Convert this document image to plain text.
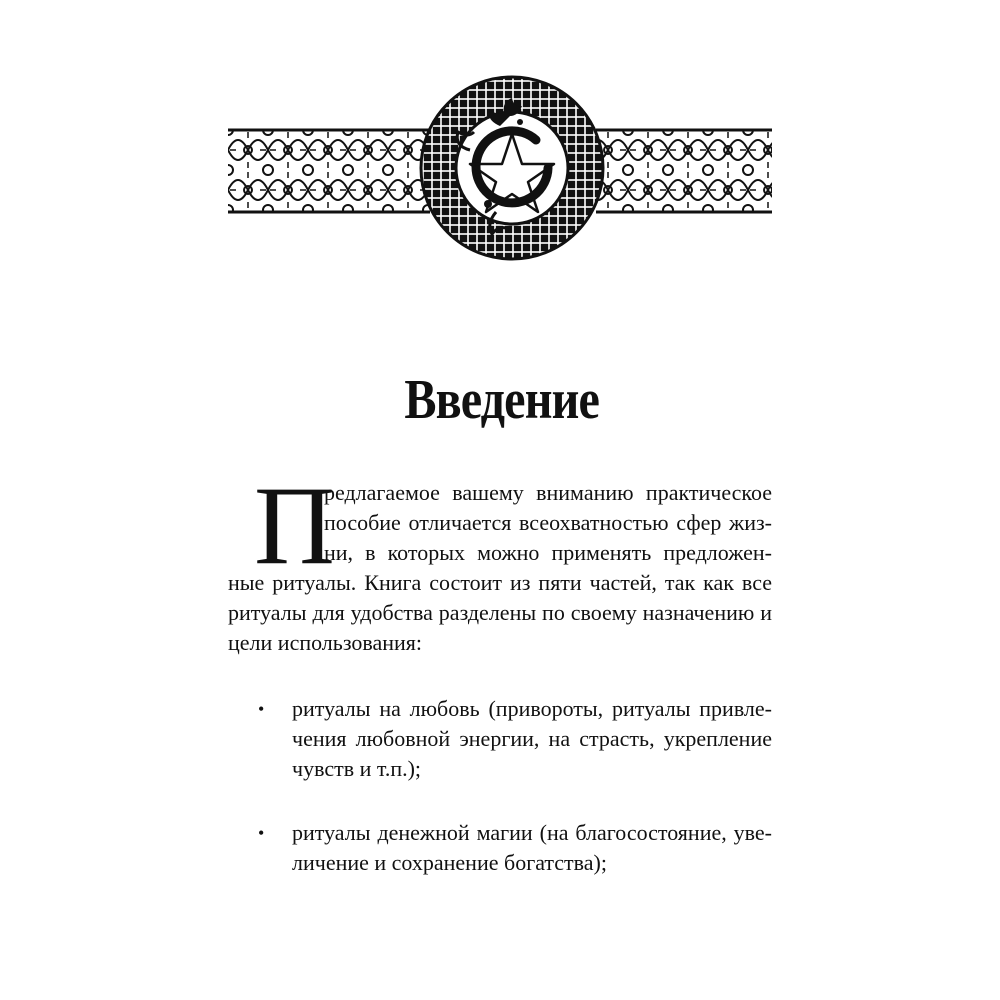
Введение
П
редлагаемое вашему вниманию практическое
пособие отличается всеохватностью сфер жиз-
ни, в которых можно применять предложен-
ные ритуалы. Книга состоит из пяти частей, так как все
ритуалы для удобства разделены по своему назначению и
цели использования:
• ритуалы на любовь (привороты, ритуалы привле-
чения любовной энергии, на страсть, укрепление
чувств и т.п.);
• ритуалы денежной магии (на благосостояние, уве-
личение и сохранение богатства);
